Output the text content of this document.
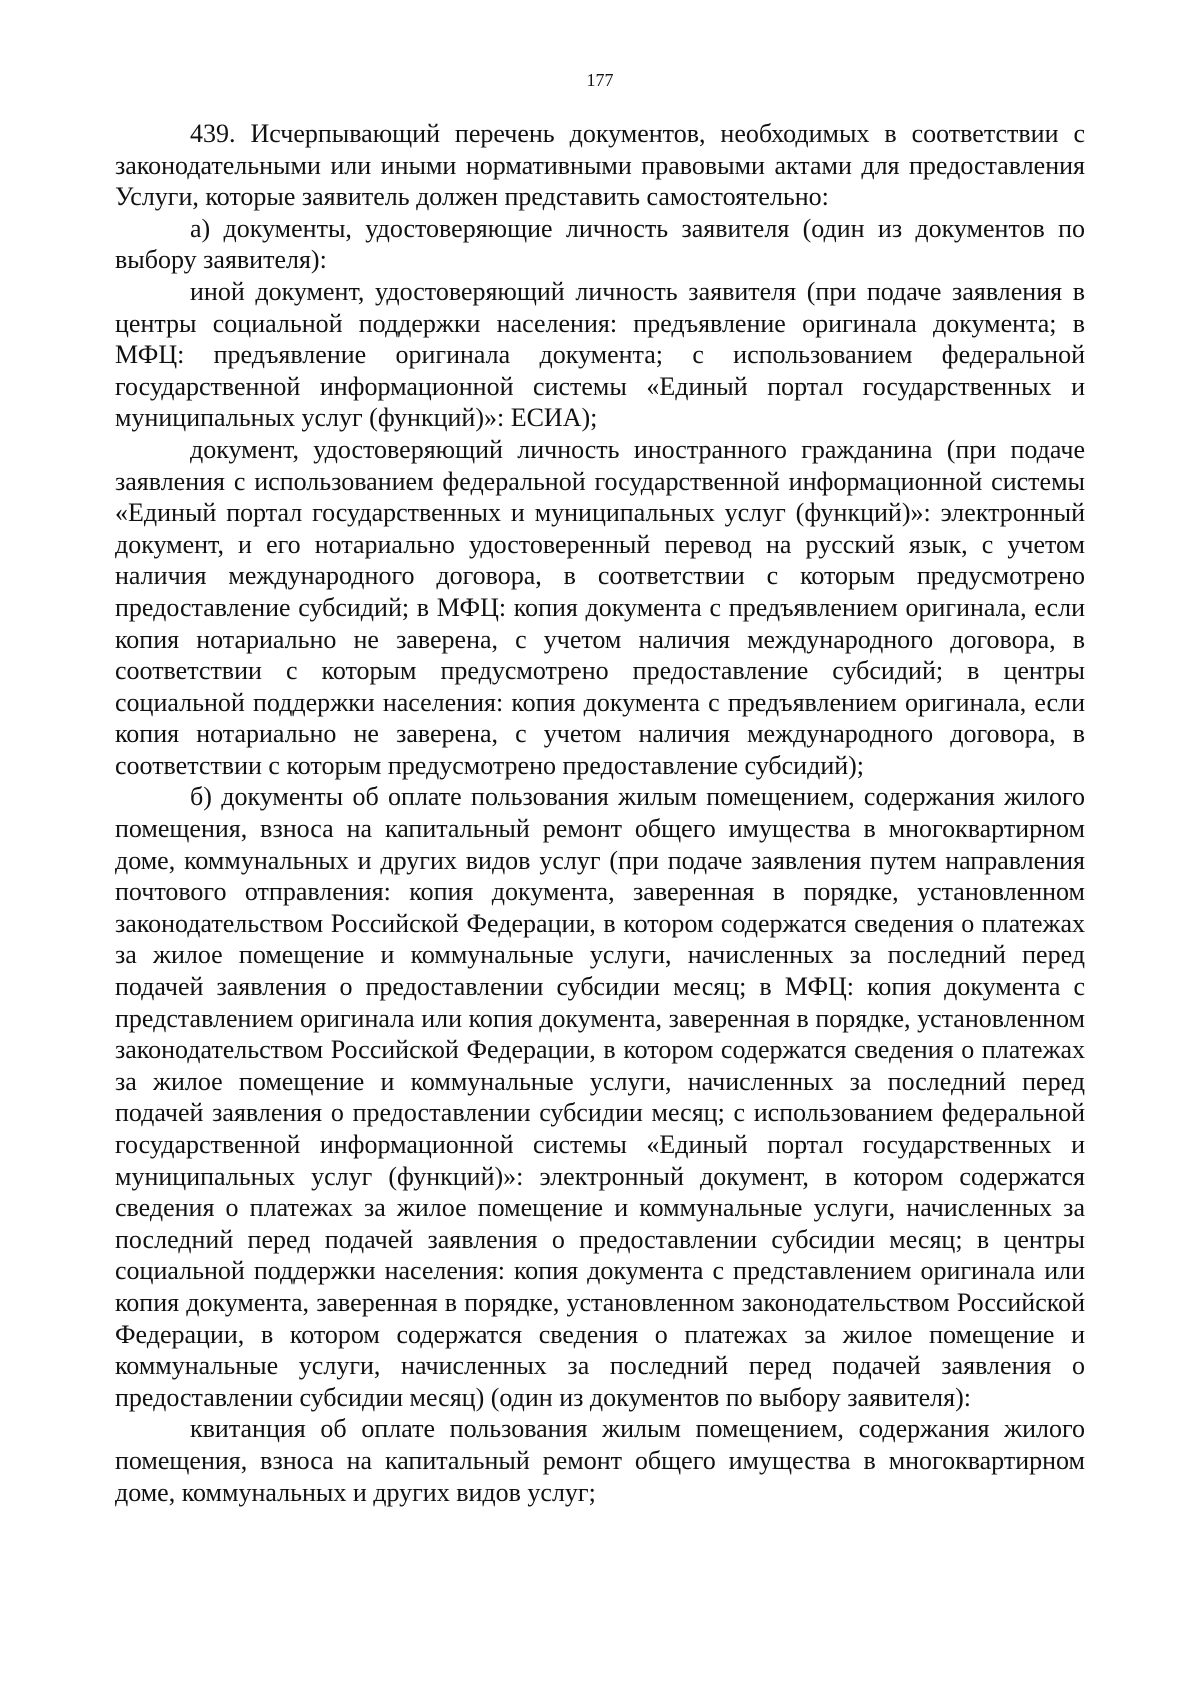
177

439. Исчерпывающий перечень документов, необходимых в соответствии с законодательными или иными нормативными правовыми актами для предоставления Услуги, которые заявитель должен представить самостоятельно:

а) документы, удостоверяющие личность заявителя (один из документов по выбору заявителя):

иной документ, удостоверяющий личность заявителя (при подаче заявления в центры социальной поддержки населения: предъявление оригинала документа; в МФЦ: предъявление оригинала документа; с использованием федеральной государственной информационной системы «Единый портал государственных и муниципальных услуг (функций)»: ЕСИА);

документ, удостоверяющий личность иностранного гражданина (при подаче заявления с использованием федеральной государственной информационной системы «Единый портал государственных и муниципальных услуг (функций)»: электронный документ, и его нотариально удостоверенный перевод на русский язык, с учетом наличия международного договора, в соответствии с которым предусмотрено предоставление субсидий; в МФЦ: копия документа с предъявлением оригинала, если копия нотариально не заверена, с учетом наличия международного договора, в соответствии с которым предусмотрено предоставление субсидий; в центры социальной поддержки населения: копия документа с предъявлением оригинала, если копия нотариально не заверена, с учетом наличия международного договора, в соответствии с которым предусмотрено предоставление субсидий);

б) документы об оплате пользования жилым помещением, содержания жилого помещения, взноса на капитальный ремонт общего имущества в многоквартирном доме, коммунальных и других видов услуг (при подаче заявления путем направления почтового отправления: копия документа, заверенная в порядке, установленном законодательством Российской Федерации, в котором содержатся сведения о платежах за жилое помещение и коммунальные услуги, начисленных за последний перед подачей заявления о предоставлении субсидии месяц; в МФЦ: копия документа с представлением оригинала или копия документа, заверенная в порядке, установленном законодательством Российской Федерации, в котором содержатся сведения о платежах за жилое помещение и коммунальные услуги, начисленных за последний перед подачей заявления о предоставлении субсидии месяц; с использованием федеральной государственной информационной системы «Единый портал государственных и муниципальных услуг (функций)»: электронный документ, в котором содержатся сведения о платежах за жилое помещение и коммунальные услуги, начисленных за последний перед подачей заявления о предоставлении субсидии месяц; в центры социальной поддержки населения: копия документа с представлением оригинала или копия документа, заверенная в порядке, установленном законодательством Российской Федерации, в котором содержатся сведения о платежах за жилое помещение и коммунальные услуги, начисленных за последний перед подачей заявления о предоставлении субсидии месяц) (один из документов по выбору заявителя):

квитанция об оплате пользования жилым помещением, содержания жилого помещения, взноса на капитальный ремонт общего имущества в многоквартирном доме, коммунальных и других видов услуг;
